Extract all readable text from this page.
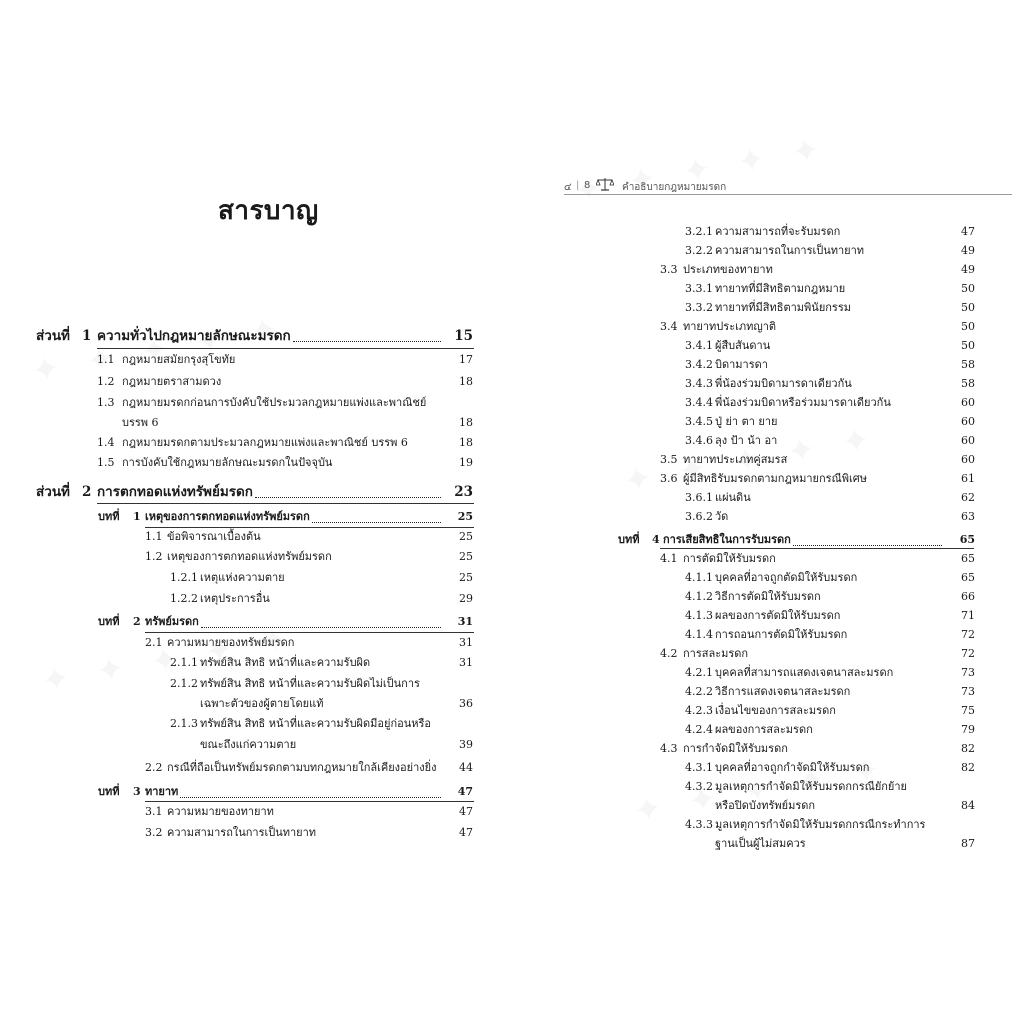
สารบาญ
ส่วนที่ 1 ความทั่วไปกฎหมายลักษณะมรดก	15
1.1 กฎหมายสมัยกรุงสุโขทัย	17
1.2 กฎหมายตราสามดวง	18
1.3 กฎหมายมรดกก่อนการบังคับใช้ประมวลกฎหมายแพ่งและพาณิชย์
บรรพ 6	18
1.4 กฎหมายมรดกตามประมวลกฎหมายแพ่งและพาณิชย์ บรรพ 6	18
1.5 การบังคับใช้กฎหมายลักษณะมรดกในปัจจุบัน	19
ส่วนที่ 2 การตกทอดแห่งทรัพย์มรดก	23
บทที่ 1 เหตุของการตกทอดแห่งทรัพย์มรดก	25
1.1 ข้อพิจารณาเบื้องต้น	25
1.2 เหตุของการตกทอดแห่งทรัพย์มรดก	25
1.2.1 เหตุแห่งความตาย	25
1.2.2 เหตุประการอื่น	29
บทที่ 2 ทรัพย์มรดก	31
2.1 ความหมายของทรัพย์มรดก	31
2.1.1 ทรัพย์สิน สิทธิ หน้าที่และความรับผิด	31
2.1.2 ทรัพย์สิน สิทธิ หน้าที่และความรับผิดไม่เป็นการ
เฉพาะตัวของผู้ตายโดยแท้	36
2.1.3 ทรัพย์สิน สิทธิ หน้าที่และความรับผิดมีอยู่ก่อนหรือ
ขณะถึงแก่ความตาย	39
2.2 กรณีที่ถือเป็นทรัพย์มรดกตามบทกฎหมายใกล้เคียงอย่างยิ่ง	44
บทที่ 3 ทายาท	47
3.1 ความหมายของทายาท	47
3.2 ความสามารถในการเป็นทายาท	47
๔ | 8	คำอธิบายกฎหมายมรดก
3.2.1 ความสามารถที่จะรับมรดก	47
3.2.2 ความสามารถในการเป็นทายาท	49
3.3 ประเภทของทายาท	49
3.3.1 ทายาทที่มีสิทธิตามกฎหมาย	50
3.3.2 ทายาทที่มีสิทธิตามพินัยกรรม	50
3.4 ทายาทประเภทญาติ	50
3.4.1 ผู้สืบสันดาน	50
3.4.2 บิดามารดา	58
3.4.3 พี่น้องร่วมบิดามารดาเดียวกัน	58
3.4.4 พี่น้องร่วมบิดาหรือร่วมมารดาเดียวกัน	60
3.4.5 ปู่ ย่า ตา ยาย	60
3.4.6 ลุง ป้า น้า อา	60
3.5 ทายาทประเภทคู่สมรส	60
3.6 ผู้มีสิทธิรับมรดกตามกฎหมายกรณีพิเศษ	61
3.6.1 แผ่นดิน	62
3.6.2 วัด	63
บทที่ 4 การเสียสิทธิในการรับมรดก	65
4.1 การตัดมิให้รับมรดก	65
4.1.1 บุคคลที่อาจถูกตัดมิให้รับมรดก	65
4.1.2 วิธีการตัดมิให้รับมรดก	66
4.1.3 ผลของการตัดมิให้รับมรดก	71
4.1.4 การถอนการตัดมิให้รับมรดก	72
4.2 การสละมรดก	72
4.2.1 บุคคลที่สามารถแสดงเจตนาสละมรดก	73
4.2.2 วิธีการแสดงเจตนาสละมรดก	73
4.2.3 เงื่อนไขของการสละมรดก	75
4.2.4 ผลของการสละมรดก	79
4.3 การกำจัดมิให้รับมรดก	82
4.3.1 บุคคลที่อาจถูกกำจัดมิให้รับมรดก	82
4.3.2 มูลเหตุการกำจัดมิให้รับมรดกกรณียักย้าย
หรือปิดบังทรัพย์มรดก	84
4.3.3 มูลเหตุการกำจัดมิให้รับมรดกกรณีกระทำการ
ฐานเป็นผู้ไม่สมควร	87
